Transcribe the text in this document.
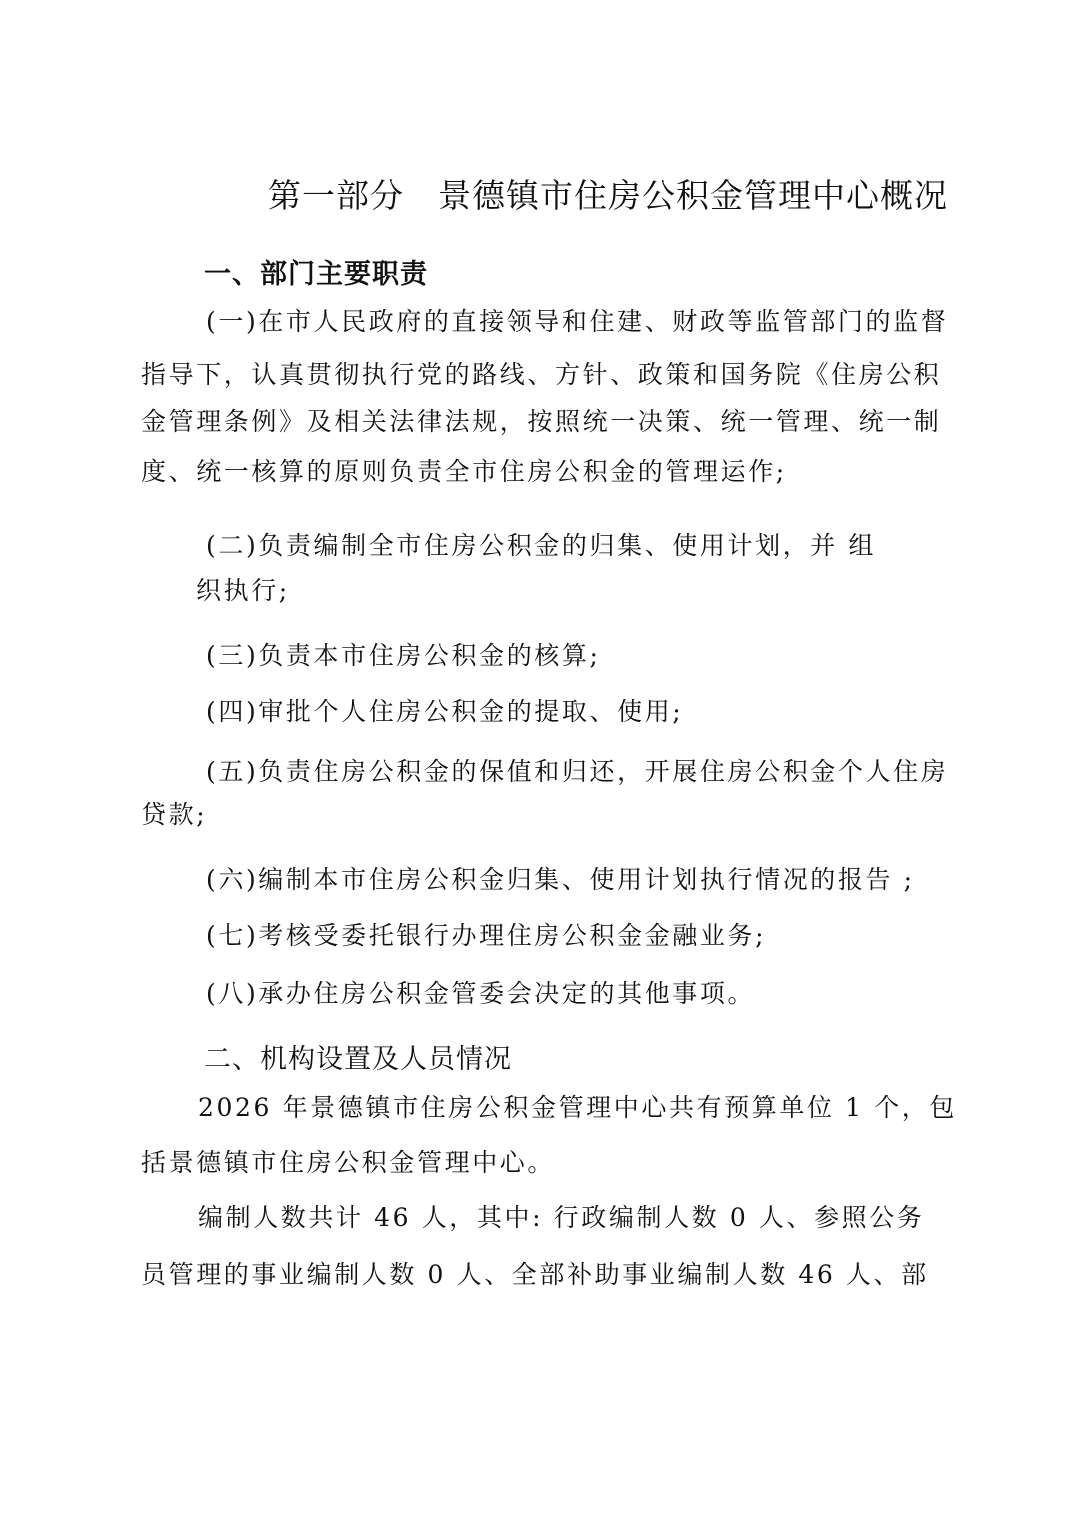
第一部分 景德镇市住房公积金管理中心概况
一、部门主要职责
(一)在市人民政府的直接领导和住建、财政等监管部门的监督
指导下，认真贯彻执行党的路线、方针、政策和国务院《住房公积
金管理条例》及相关法律法规，按照统一决策、统一管理、统一制
度、统一核算的原则负责全市住房公积金的管理运作;
(二)负责编制全市住房公积金的归集、使用计划，并 组
织执行;
(三)负责本市住房公积金的核算;
(四)审批个人住房公积金的提取、使用;
(五)负责住房公积金的保值和归还，开展住房公积金个人住房
贷款;
(六)编制本市住房公积金归集、使用计划执行情况的报告 ;
(七)考核受委托银行办理住房公积金金融业务;
(八)承办住房公积金管委会决定的其他事项。
二、机构设置及人员情况
2026 年景德镇市住房公积金管理中心共有预算单位 1 个，包
括景德镇市住房公积金管理中心。
编制人数共计 46 人，其中: 行政编制人数 0 人、参照公务
员管理的事业编制人数 0 人、全部补助事业编制人数 46 人、部
